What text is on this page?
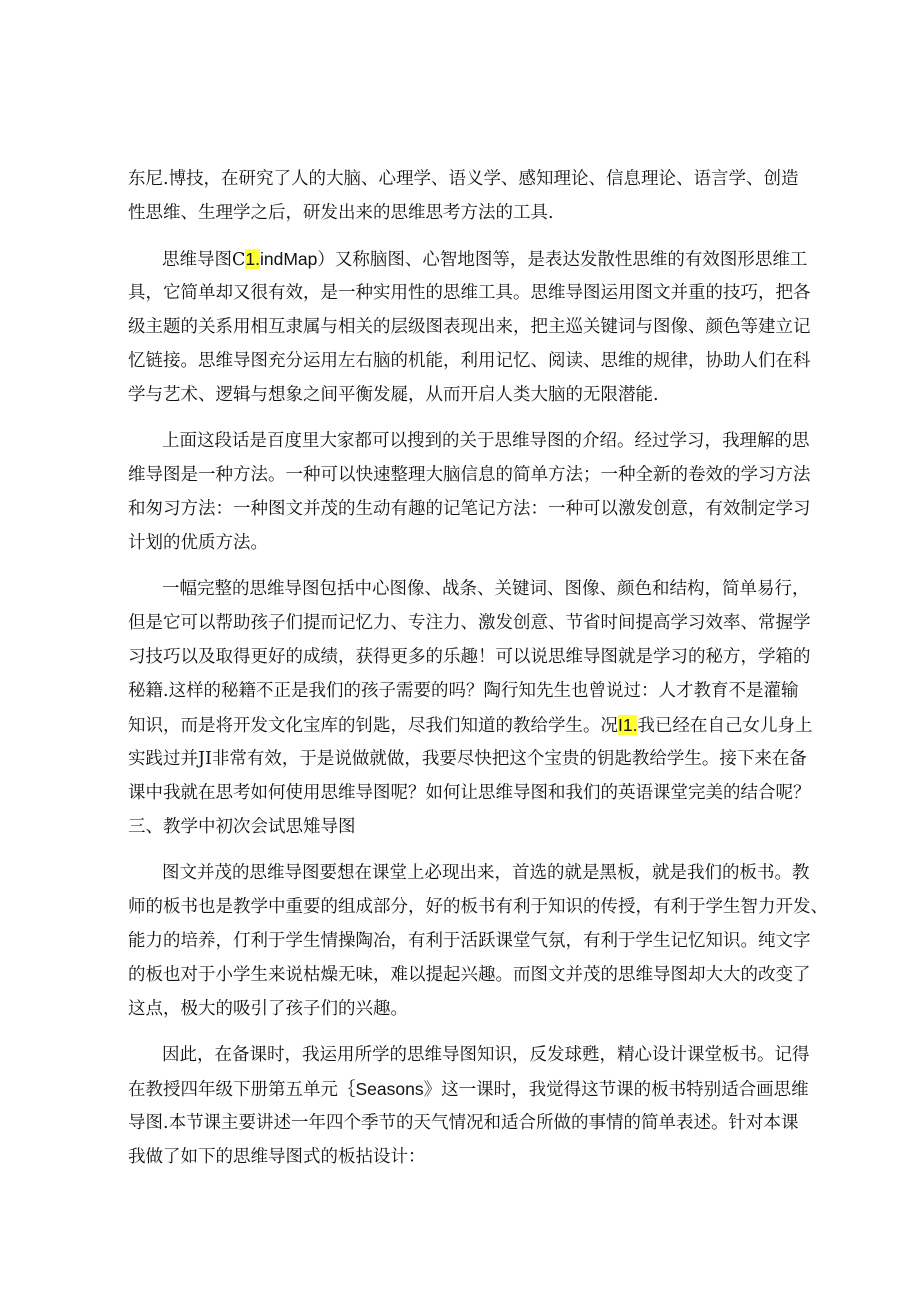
东尼.博技，在研究了人的大脑、心理学、语义学、感知理论、信息理论、语言学、创造
性思维、生理学之后，研发出来的思维思考方法的工具.
思维导图C1.indMap）又称脑图、心智地图等，是表达发散性思维的有效图形思维工
具，它简单却又很有效，是一种实用性的思维工具。思维导图运用图文并重的技巧，把各
级主题的关系用相互隶属与相关的层级图表现出来，把主巡关键词与图像、颜色等建立记
忆链接。思维导图充分运用左右脑的机能，利用记忆、阅读、思维的规律，协助人们在科
学与艺术、逻辑与想象之间平衡发屣，从而开启人类大脑的无限潜能.
上面这段话是百度里大家都可以搜到的关于思维导图的介绍。经过学习，我理解的思
维导图是一种方法。一种可以快速整理大脑信息的简单方法；一种全新的卷效的学习方法
和匆习方法：一种图文并茂的生动有趣的记笔记方法：一种可以激发创意，有效制定学习
计划的优质方法。
一幅完整的思维导图包括中心图像、战条、关键词、图像、颜色和结构，简单易行，
但是它可以帮助孩子们提而记忆力、专注力、激发创意、节省时间提高学习效率、常握学
习技巧以及取得更好的成绩，获得更多的乐趣！可以说思维导图就是学习的秘方，学箱的
秘籍.这样的秘籍不正是我们的孩子需要的吗？陶行知先生也曾说过：人才教育不是灌输
知识，而是将开发文化宝库的钊匙，尽我们知道的教给学生。况I1.我已经在自己女儿身上
实践过并JI非常有效，于是说做就做，我要尽快把这个宝贵的钥匙教给学生。接下来在备
课中我就在思考如何使用思维导图呢？如何让思维导图和我们的英语课堂完美的结合呢？
三、教学中初次会试思雉导图
图文并茂的思维导图要想在课堂上必现出来，首选的就是黑板，就是我们的板书。教
师的板书也是教学中重要的组成部分，好的板书有利于知识的传授，有利于学生智力开发、
能力的培养，仃利于学生情操陶冶，有利于活跃课堂气氛，有利于学生记忆知识。纯文字
的板也对于小学生来说枯燥无味，难以提起兴趣。而图文并茂的思维导图却大大的改变了
这点，极大的吸引了孩子们的兴趣。
因此，在备课时，我运用所学的思维导图知识，反发球甦，精心设计课堂板书。记得
在教授四年级下册第五单元｛Seasons》这一课时，我觉得这节课的板书特别适合画思维
导图.本节课主要讲述一年四个季节的天气情况和适合所做的事情的简单表述。针对本课
我做了如下的思维导图式的板拈设计：
